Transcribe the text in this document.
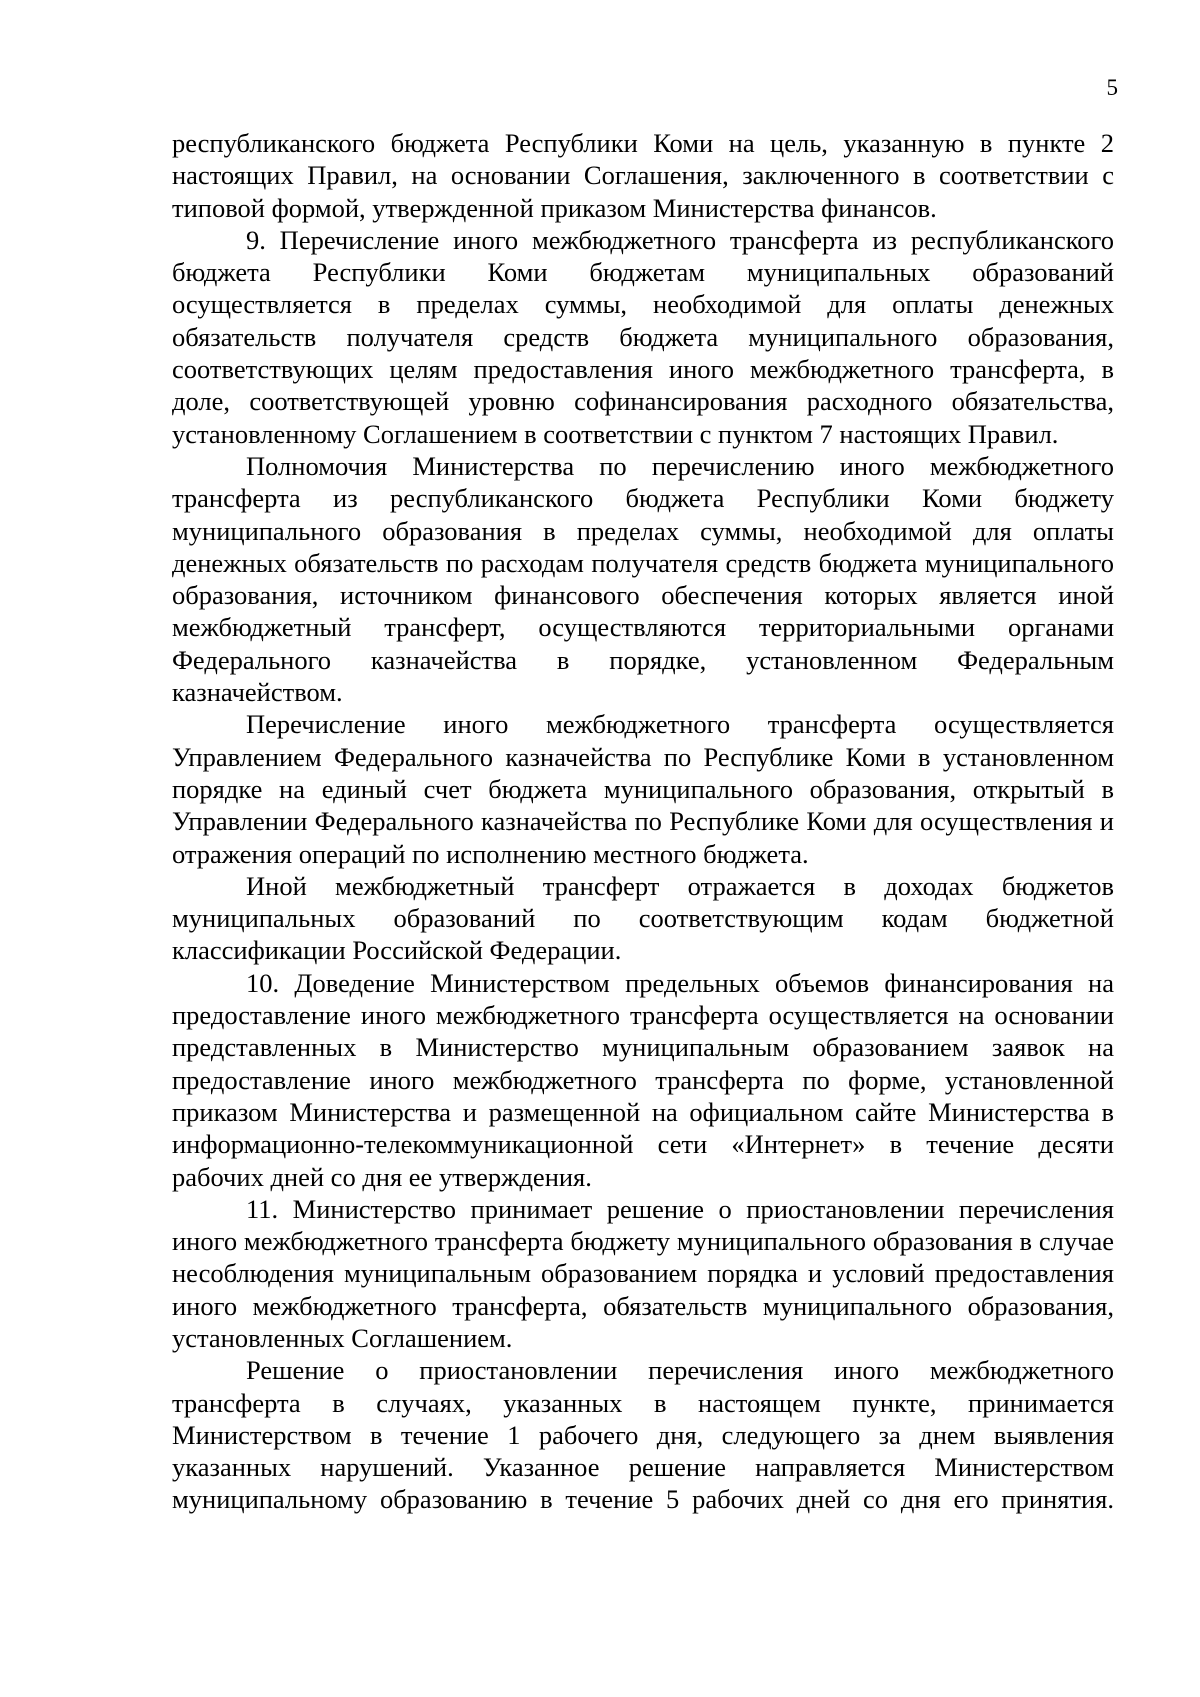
5

республиканского бюджета Республики Коми на цель, указанную в пункте 2 настоящих Правил, на основании Соглашения, заключенного в соответствии с типовой формой, утвержденной приказом Министерства финансов.

9. Перечисление иного межбюджетного трансферта из республиканского бюджета Республики Коми бюджетам муниципальных образований осуществляется в пределах суммы, необходимой для оплаты денежных обязательств получателя средств бюджета муниципального образования, соответствующих целям предоставления иного межбюджетного трансферта, в доле, соответствующей уровню софинансирования расходного обязательства, установленному Соглашением в соответствии с пунктом 7 настоящих Правил.

Полномочия Министерства по перечислению иного межбюджетного трансферта из республиканского бюджета Республики Коми бюджету муниципального образования в пределах суммы, необходимой для оплаты денежных обязательств по расходам получателя средств бюджета муниципального образования, источником финансового обеспечения которых является иной межбюджетный трансферт, осуществляются территориальными органами Федерального казначейства в порядке, установленном Федеральным казначейством.

Перечисление иного межбюджетного трансферта осуществляется Управлением Федерального казначейства по Республике Коми в установленном порядке на единый счет бюджета муниципального образования, открытый в Управлении Федерального казначейства по Республике Коми для осуществления и отражения операций по исполнению местного бюджета.

Иной межбюджетный трансферт отражается в доходах бюджетов муниципальных образований по соответствующим кодам бюджетной классификации Российской Федерации.

10. Доведение Министерством предельных объемов финансирования на предоставление иного межбюджетного трансферта осуществляется на основании представленных в Министерство муниципальным образованием заявок на предоставление иного межбюджетного трансферта по форме, установленной приказом Министерства и размещенной на официальном сайте Министерства в информационно-телекоммуникационной сети «Интернет» в течение десяти рабочих дней со дня ее утверждения.

11. Министерство принимает решение о приостановлении перечисления иного межбюджетного трансферта бюджету муниципального образования в случае несоблюдения муниципальным образованием порядка и условий предоставления иного межбюджетного трансферта, обязательств муниципального образования, установленных Соглашением.

Решение о приостановлении перечисления иного межбюджетного трансферта в случаях, указанных в настоящем пункте, принимается Министерством в течение 1 рабочего дня, следующего за днем выявления указанных нарушений. Указанное решение направляется Министерством муниципальному образованию в течение 5 рабочих дней со дня его принятия.
